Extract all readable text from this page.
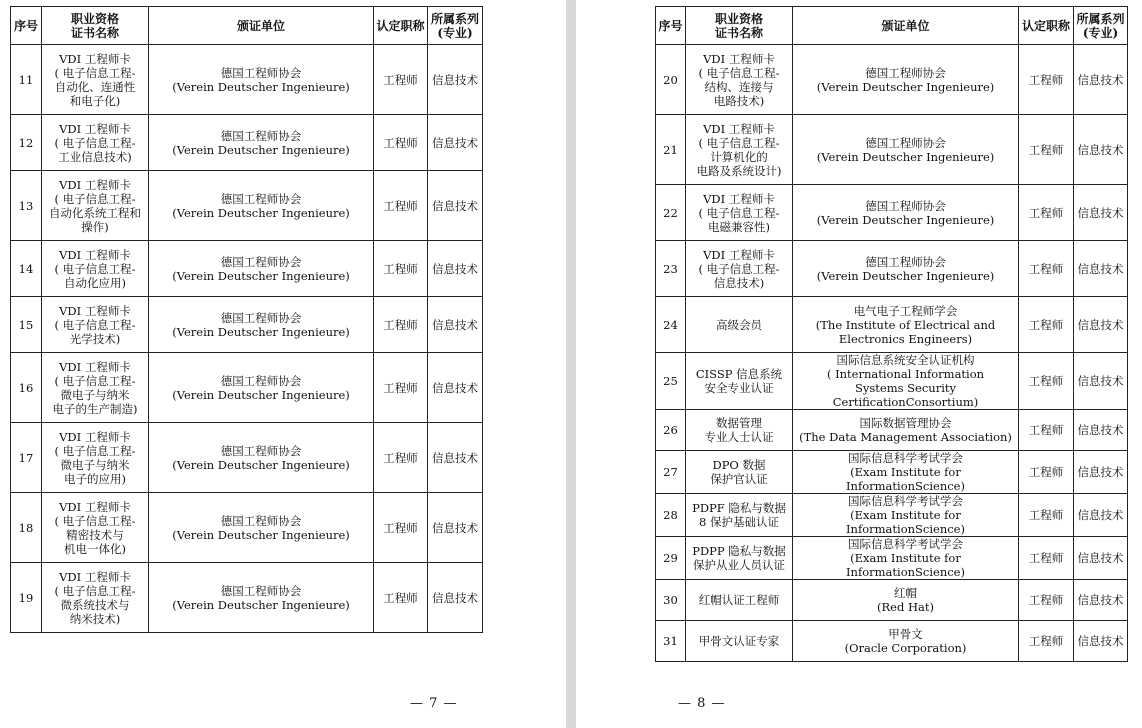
序号	职业资格
证书名称	颁证单位	认定职称	所属系列
(专业)
11	VDI 工程师卡
( 电子信息工程-
自动化、连通性
和电子化)	德国工程师协会
(Verein Deutscher Ingenieure)	工程师	信息技术
12	VDI 工程师卡
( 电子信息工程-
工业信息技术)	德国工程师协会
(Verein Deutscher Ingenieure)	工程师	信息技术
13	VDI 工程师卡
( 电子信息工程-
自动化系统工程和
操作)	德国工程师协会
(Verein Deutscher Ingenieure)	工程师	信息技术
14	VDI 工程师卡
( 电子信息工程-
自动化应用)	德国工程师协会
(Verein Deutscher Ingenieure)	工程师	信息技术
15	VDI 工程师卡
( 电子信息工程-
光学技术)	德国工程师协会
(Verein Deutscher Ingenieure)	工程师	信息技术
16	VDI 工程师卡
( 电子信息工程-
微电子与纳米
电子的生产制造)	德国工程师协会
(Verein Deutscher Ingenieure)	工程师	信息技术
17	VDI 工程师卡
( 电子信息工程-
微电子与纳米
电子的应用)	德国工程师协会
(Verein Deutscher Ingenieure)	工程师	信息技术
18	VDI 工程师卡
( 电子信息工程-
精密技术与
机电一体化)	德国工程师协会
(Verein Deutscher Ingenieure)	工程师	信息技术
19	VDI 工程师卡
( 电子信息工程-
微系统技术与
纳米技术)	德国工程师协会
(Verein Deutscher Ingenieure)	工程师	信息技术
— 7 —
序号	职业资格
证书名称	颁证单位	认定职称	所属系列
(专业)
20	VDI 工程师卡
( 电子信息工程-
结构、连接与
电路技术)	德国工程师协会
(Verein Deutscher Ingenieure)	工程师	信息技术
21	VDI 工程师卡
( 电子信息工程-
计算机化的
电路及系统设计)	德国工程师协会
(Verein Deutscher Ingenieure)	工程师	信息技术
22	VDI 工程师卡
( 电子信息工程-
电磁兼容性)	德国工程师协会
(Verein Deutscher Ingenieure)	工程师	信息技术
23	VDI 工程师卡
( 电子信息工程-
信息技术)	德国工程师协会
(Verein Deutscher Ingenieure)	工程师	信息技术
24	高级会员	电气电子工程师学会
(The Institute of Electrical and
Electronics Engineers)	工程师	信息技术
25	CISSP 信息系统
安全专业认证	国际信息系统安全认证机构
( International Information
Systems Security CertificationConsortium)	工程师	信息技术
26	数据管理
专业人士认证	国际数据管理协会
(The Data Management Association)	工程师	信息技术
27	DPO 数据
保护官认证	国际信息科学考试学会
(Exam Institute for InformationScience)	工程师	信息技术
28	PDPF 隐私与数据
8 保护基础认证	国际信息科学考试学会
(Exam Institute for InformationScience)	工程师	信息技术
29	PDPP 隐私与数据
保护从业人员认证	国际信息科学考试学会
(Exam Institute for InformationScience)	工程师	信息技术
30	红帽认证工程师	红帽
(Red Hat)	工程师	信息技术
31	甲骨文认证专家	甲骨文
(Oracle Corporation)	工程师	信息技术
— 8 —
